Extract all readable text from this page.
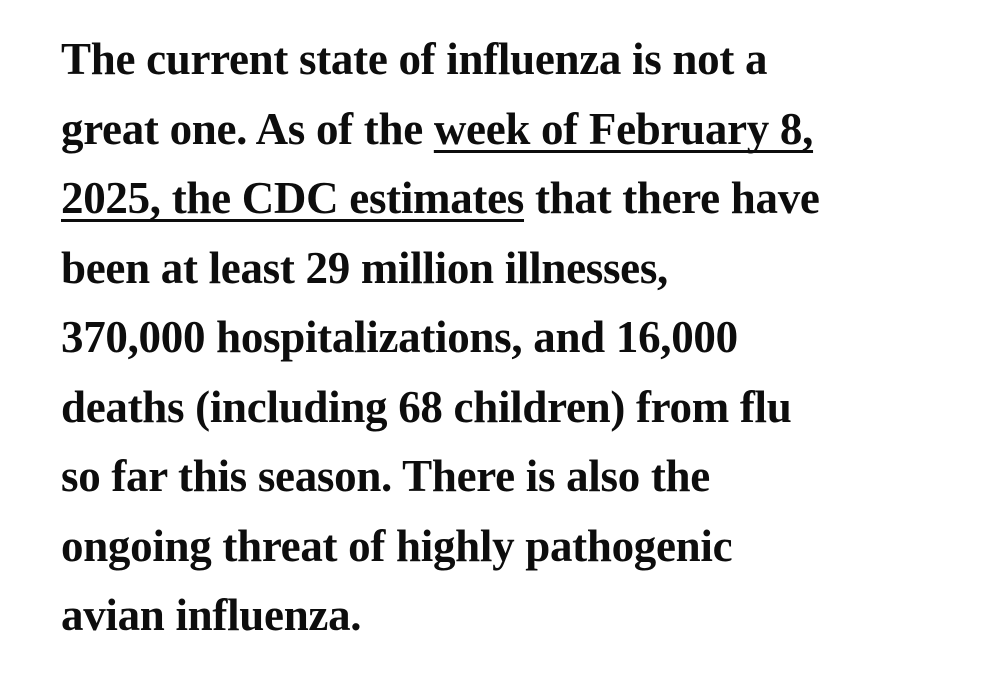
The current state of influenza is not a
great one. As of the week of February 8,
2025, the CDC estimates that there have
been at least 29 million illnesses,
370,000 hospitalizations, and 16,000
deaths (including 68 children) from flu
so far this season. There is also the
ongoing threat of highly pathogenic
avian influenza.
